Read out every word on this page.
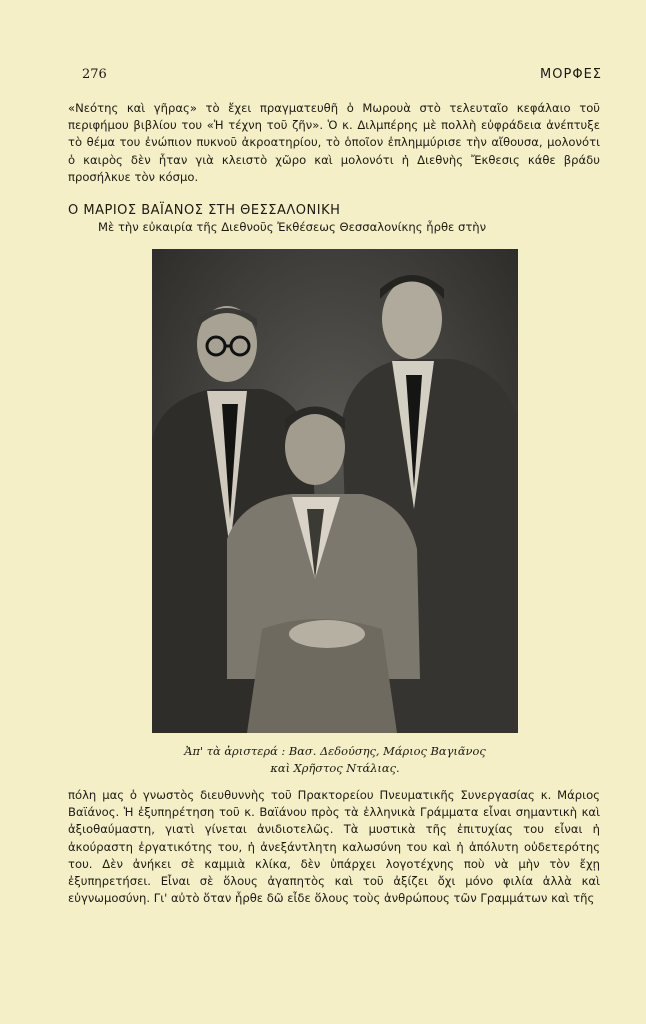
276	ΜΟΡΦΕΣ
«Νεότης καὶ γῆρας» τὸ ἔχει πραγματευθῆ ὁ Μωρουὰ στὸ τελευταῖο κεφάλαιο τοῦ περιφήμου βιβλίου του «Ἡ τέχνη τοῦ ζῆν». Ὁ κ. Διλμπέρης μὲ πολλὴ εὐφράδεια ἀνέπτυξε τὸ θέμα του ἐνώπιον πυκνοῦ ἀκροατηρίου, τὸ ὁποῖον ἐπλημμύρισε τὴν αἴθουσα, μολονότι ὁ καιρὸς δὲν ἦταν γιὰ κλειστὸ χῶρο καὶ μολονότι ἡ Διεθνὴς Ἔκθεσις κάθε βράδυ προσήλκυε τὸν κόσμο.
Ο ΜΑΡΙΟΣ ΒΑΪΑΝΟΣ ΣΤΗ ΘΕΣΣΑΛΟΝΙΚΗ
Μὲ τὴν εὐκαιρία τῆς Διεθνοῦς Ἐκθέσεως Θεσσαλονίκης ἦρθε στὴν
Ἀπ' τὰ ἀριστερά : Βασ. Δεδούσης, Μάριος Βαγιᾶνος
καὶ Χρῆστος Ντάλιας.
πόλη μας ὁ γνωστὸς διευθυννὴς τοῦ Πρακτορείου Πνευματικῆς Συνεργασίας κ. Μάριος Βαϊάνος. Ἡ ἐξυπηρέτηση τοῦ κ. Βαϊάνου πρὸς τὰ ἑλληνικὰ Γράμματα εἶναι σημαντικὴ καὶ ἀξιοθαύμαστη, γιατὶ γίνεται ἀνιδιοτελῶς. Τὰ μυστικὰ τῆς ἐπιτυχίας του εἶναι ἡ ἀκούραστη ἐργατικότης του, ἡ ἀνεξάντλητη καλωσύνη του καὶ ἡ ἀπόλυτη οὐδετερότης του. Δὲν ἀνήκει σὲ καμμιὰ κλίκα, δὲν ὑπάρχει λογοτέχνης ποὺ νὰ μὴν τὸν ἔχῃ ἐξυπηρετήσει. Εἶναι σὲ ὅλους ἀγαπητὸς καὶ τοῦ ἀξίζει ὄχι μόνο φιλία ἀλλὰ καὶ εὐγνωμοσύνη. Γι' αὐτὸ ὅταν ἦρθε δῶ εἶδε ὅλους τοὺς ἀνθρώπους τῶν Γραμμάτων καὶ τῆς
